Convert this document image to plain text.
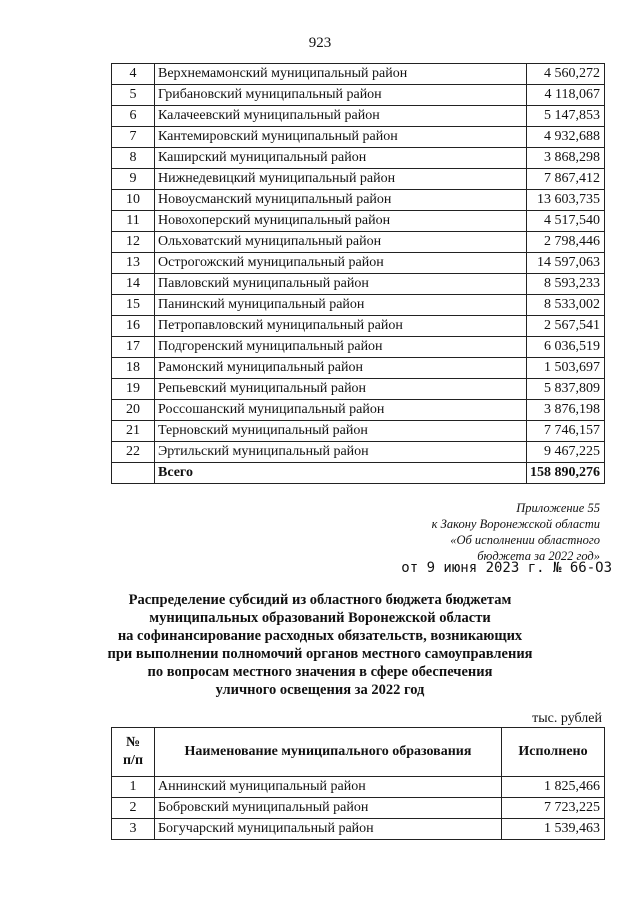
923
4	Верхнемамонский муниципальный район	4 560,272
5	Грибановский муниципальный район	4 118,067
6	Калачеевский муниципальный район	5 147,853
7	Кантемировский муниципальный район	4 932,688
8	Каширский муниципальный район	3 868,298
9	Нижнедевицкий муниципальный район	7 867,412
10	Новоусманский муниципальный район	13 603,735
11	Новохоперский муниципальный район	4 517,540
12	Ольховатский муниципальный район	2 798,446
13	Острогожский муниципальный район	14 597,063
14	Павловский муниципальный район	8 593,233
15	Панинский муниципальный район	8 533,002
16	Петропавловский муниципальный район	2 567,541
17	Подгоренский муниципальный район	6 036,519
18	Рамонский муниципальный район	1 503,697
19	Репьевский муниципальный район	5 837,809
20	Россошанский муниципальный район	3 876,198
21	Терновский муниципальный район	7 746,157
22	Эртильский муниципальный район	9 467,225
	Всего	158 890,276
Приложение 55
к Закону Воронежской области
«Об исполнении областного
бюджета за 2022 год»
от 9 июня 2023 г. № 66-ОЗ
Распределение субсидий из областного бюджета бюджетам
муниципальных образований Воронежской области
на софинансирование расходных обязательств, возникающих
при выполнении полномочий органов местного самоуправления
по вопросам местного значения в сфере обеспечения
уличного освещения за 2022 год
тыс. рублей
№
п/п	Наименование муниципального образования	Исполнено
1	Аннинский муниципальный район	1 825,466
2	Бобровский муниципальный район	7 723,225
3	Богучарский муниципальный район	1 539,463
